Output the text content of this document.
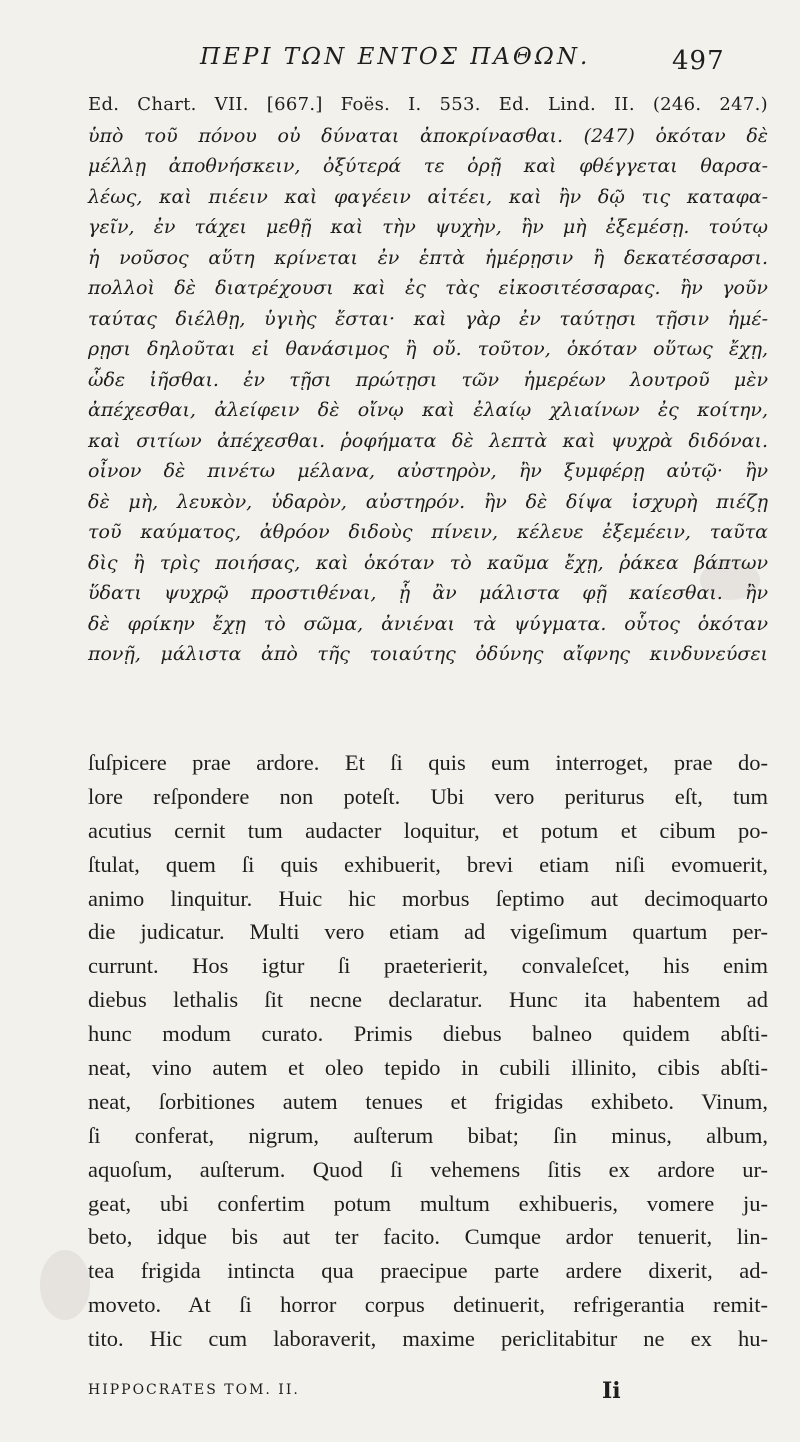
ΠΕΡΙ ΤΩΝ ΕΝΤΟΣ ΠΑΘΩΝ.	497
Ed. Chart. VII. [667.] Foës. I. 553. Ed. Lind. II. (246. 247.)
ὑπὸ τοῦ πόνου οὐ δύναται ἀποκρίνασθαι. (247) ὁκόταν δὲ
μέλλῃ ἀποθνήσκειν, ὀξύτερά τε ὁρῇ καὶ φθέγγεται θαρσα-
λέως, καὶ πιέειν καὶ φαγέειν αἰτέει, καὶ ἢν δῷ τις καταφα-
γεῖν, ἐν τάχει μεθῇ καὶ τὴν ψυχὴν, ἢν μὴ ἐξεμέσῃ. τούτῳ
ἡ νοῦσος αὕτη κρίνεται ἐν ἑπτὰ ἡμέρῃσιν ἢ δεκατέσσαρσι.
πολλοὶ δὲ διατρέχουσι καὶ ἐς τὰς εἰκοσιτέσσαρας. ἢν γοῦν
ταύτας διέλθῃ, ὑγιὴς ἔσται· καὶ γὰρ ἐν ταύτῃσι τῇσιν ἡμέ-
ρῃσι δηλοῦται εἰ θανάσιμος ἢ οὔ. τοῦτον, ὁκόταν οὕτως ἔχῃ,
ὧδε ἰῆσθαι. ἐν τῇσι πρώτῃσι τῶν ἡμερέων λουτροῦ μὲν
ἀπέχεσθαι, ἀλείφειν δὲ οἴνῳ καὶ ἐλαίῳ χλιαίνων ἐς κοίτην,
καὶ σιτίων ἀπέχεσθαι. ῥοφήματα δὲ λεπτὰ καὶ ψυχρὰ διδόναι.
οἶνον δὲ πινέτω μέλανα, αὐστηρὸν, ἢν ξυμφέρῃ αὐτῷ· ἢν
δὲ μὴ, λευκὸν, ὑδαρὸν, αὐστηρόν. ἢν δὲ δίψα ἰσχυρὴ πιέζῃ
τοῦ καύματος, ἀθρόον διδοὺς πίνειν, κέλευε ἐξεμέειν, ταῦτα
δὶς ἢ τρὶς ποιήσας, καὶ ὁκόταν τὸ καῦμα ἔχῃ, ῥάκεα βάπτων
ὕδατι ψυχρῷ προστιθέναι, ᾗ ἂν μάλιστα φῇ καίεσθαι. ἢν
δὲ φρίκην ἔχῃ τὸ σῶμα, ἀνιέναι τὰ ψύγματα. οὗτος ὁκόταν
πονῇ, μάλιστα ἀπὸ τῆς τοιαύτης ὀδύνης αἴφνης κινδυνεύσει
ſuſpicere prae ardore. Et ſi quis eum interroget, prae do-
lore reſpondere non poteſt. Ubi vero periturus eſt, tum
acutius cernit tum audacter loquitur, et potum et cibum po-
ſtulat, quem ſi quis exhibuerit, brevi etiam niſi evomuerit,
animo linquitur. Huic hic morbus ſeptimo aut decimoquarto
die judicatur. Multi vero etiam ad vigeſimum quartum per-
currunt. Hos igtur ſi praeterierit, convaleſcet, his enim
diebus lethalis ſit necne declaratur. Hunc ita habentem ad
hunc modum curato. Primis diebus balneo quidem abſti-
neat, vino autem et oleo tepido in cubili illinito, cibis abſti-
neat, ſorbitiones autem tenues et frigidas exhibeto. Vinum,
ſi conferat, nigrum, auſterum bibat; ſin minus, album,
aquoſum, auſterum. Quod ſi vehemens ſitis ex ardore ur-
geat, ubi confertim potum multum exhibueris, vomere ju-
beto, idque bis aut ter facito. Cumque ardor tenuerit, lin-
tea frigida intincta qua praecipue parte ardere dixerit, ad-
moveto. At ſi horror corpus detinuerit, refrigerantia remit-
tito. Hic cum laboraverit, maxime periclitabitur ne ex hu-
HIPPOCRATES TOM. II.	Ii
